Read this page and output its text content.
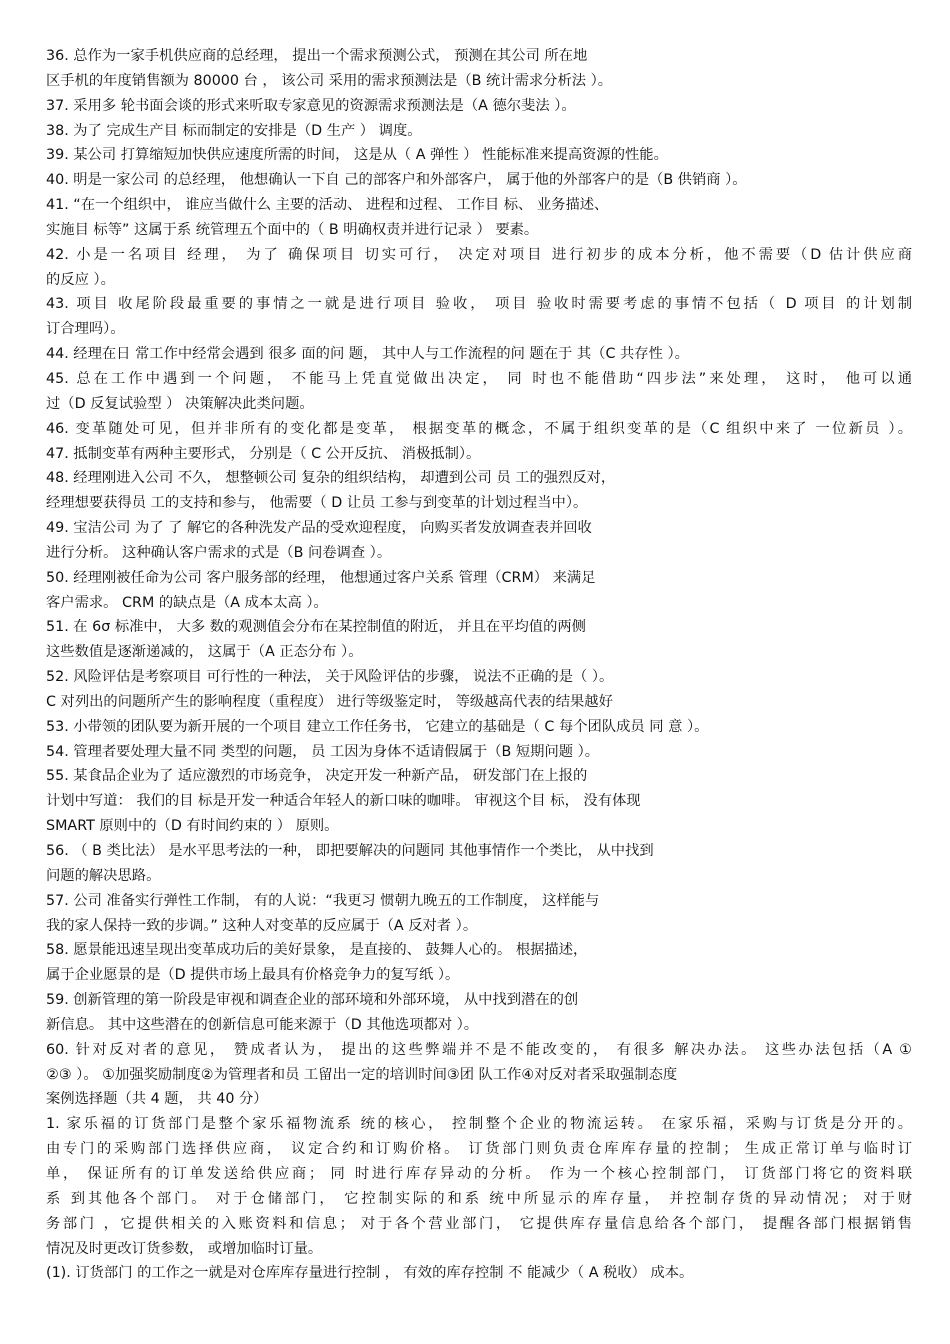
36. 总作为一家手机供应商的总经理， 提出一个需求预测公式， 预测在其公司 所在地
区手机的年度销售额为 80000 台 ， 该公司 采用的需求预测法是（B 统计需求分析法 ）。
37. 采用多 轮书面会谈的形式来听取专家意见的资源需求预测法是（A 德尔斐法 ）。
38. 为了 完成生产目 标而制定的安排是（D 生产 ） 调度。
39. 某公司 打算缩短加快供应速度所需的时间， 这是从（ A 弹性 ） 性能标准来提高资源的性能。
40. 明是一家公司 的总经理， 他想确认一下自 己的部客户和外部客户， 属于他的外部客户的是（B 供销商 ）。
41. “在一个组织中， 谁应当做什么 主要的活动、 进程和过程、 工作目 标、 业务描述、
实施目 标等” 这属于系 统管理五个面中的（ B 明确权责并进行记录 ） 要素。
42. 小是一名项目 经理， 为了 确保项目 切实可行， 决定对项目 进行初步的成本分析，他不需要（D 估计供应商
的反应 ）。
43. 项目 收尾阶段最重要的事情之一就是进行项目 验收， 项目 验收时需要考虑的事情不包括（ D 项目 的计划制
订合理吗）。
44. 经理在日 常工作中经常会遇到 很多 面的问 题， 其中人与工作流程的问 题在于 其（C 共存性 ）。
45. 总在工作中遇到一个问题， 不能马上凭直觉做出决定， 同 时也不能借助“四步法”来处理， 这时， 他可以通
过（D 反复试验型 ） 决策解决此类问题。
46. 变革随处可见，但并非所有的变化都是变革， 根据变革的概念，不属于组织变革的是（C 组织中来了 一位新员 ）。
47. 抵制变革有两种主要形式， 分别是（ C 公开反抗、 消极抵制）。
48. 经理刚进入公司 不久， 想整顿公司 复杂的组织结构， 却遭到公司 员 工的强烈反对，
经理想要获得员 工的支持和参与， 他需要（ D 让员 工参与到变革的计划过程当中）。
49. 宝洁公司 为了 了 解它的各种洗发产品的受欢迎程度， 向购买者发放调查表并回收
进行分析。 这种确认客户需求的式是（B 问卷调查 ）。
50. 经理刚被任命为公司 客户服务部的经理， 他想通过客户关系 管理（CRM） 来满足
客户需求。 CRM 的缺点是（A 成本太高 ）。
51. 在 6σ 标准中， 大多 数的观测值会分布在某控制值的附近， 并且在平均值的两侧
这些数值是逐渐递减的， 这属于（A 正态分布 ）。
52. 风险评估是考察项目 可行性的一种法， 关于风险评估的步骤， 说法不正确的是（ ）。
C 对列出的问题所产生的影响程度（重程度） 进行等级鉴定时， 等级越高代表的结果越好
53. 小带领的团队要为新开展的一个项目 建立工作任务书， 它建立的基础是（ C 每个团队成员 同 意 ）。
54. 管理者要处理大量不同 类型的问题， 员 工因为身体不适请假属于（B 短期问题 ）。
55. 某食品企业为了 适应激烈的市场竞争， 决定开发一种新产品， 研发部门在上报的
计划中写道： 我们的目 标是开发一种适合年轻人的新口味的咖啡。 审视这个目 标， 没有体现
SMART 原则中的（D 有时间约束的 ） 原则。
56. （ B 类比法） 是水平思考法的一种， 即把要解决的问题同 其他事情作一个类比， 从中找到
问题的解决思路。
57. 公司 准备实行弹性工作制， 有的人说：“我更习 惯朝九晚五的工作制度， 这样能与
我的家人保持一致的步调。” 这种人对变革的反应属于（A 反对者 ）。
58. 愿景能迅速呈现出变革成功后的美好景象， 是直接的、 鼓舞人心的。 根据描述，
属于企业愿景的是（D 提供市场上最具有价格竞争力的复写纸 ）。
59. 创新管理的第一阶段是审视和调查企业的部环境和外部环境， 从中找到潜在的创
新信息。 其中这些潜在的创新信息可能来源于（D 其他选项都对 ）。
60. 针对反对者的意见， 赞成者认为， 提出的这些弊端并不是不能改变的， 有很多 解决办法。 这些办法包括（A ①
②③ ）。 ①加强奖励制度②为管理者和员 工留出一定的培训时间③团 队工作④对反对者采取强制态度
案例选择题（共 4 题， 共 40 分）
1. 家乐福的订货部门是整个家乐福物流系 统的核心， 控制整个企业的物流运转。 在家乐福，采购与订货是分开的。
由专门的采购部门选择供应商， 议定合约和订购价格。 订货部门则负责仓库库存量的控制； 生成正常订单与临时订
单， 保证所有的订单发送给供应商； 同 时进行库存异动的分析。 作为一个核心控制部门， 订货部门将它的资料联
系 到其他各个部门。 对于仓储部门， 它控制实际的和系 统中所显示的库存量， 并控制存货的异动情况； 对于财
务部门 ，它提供相关的入账资料和信息； 对于各个营业部门， 它提供库存量信息给各个部门， 提醒各部门根据销售
情况及时更改订货参数， 或增加临时订量。
(1). 订货部门 的工作之一就是对仓库库存量进行控制 ， 有效的库存控制 不 能减少（ A 税收） 成本。
